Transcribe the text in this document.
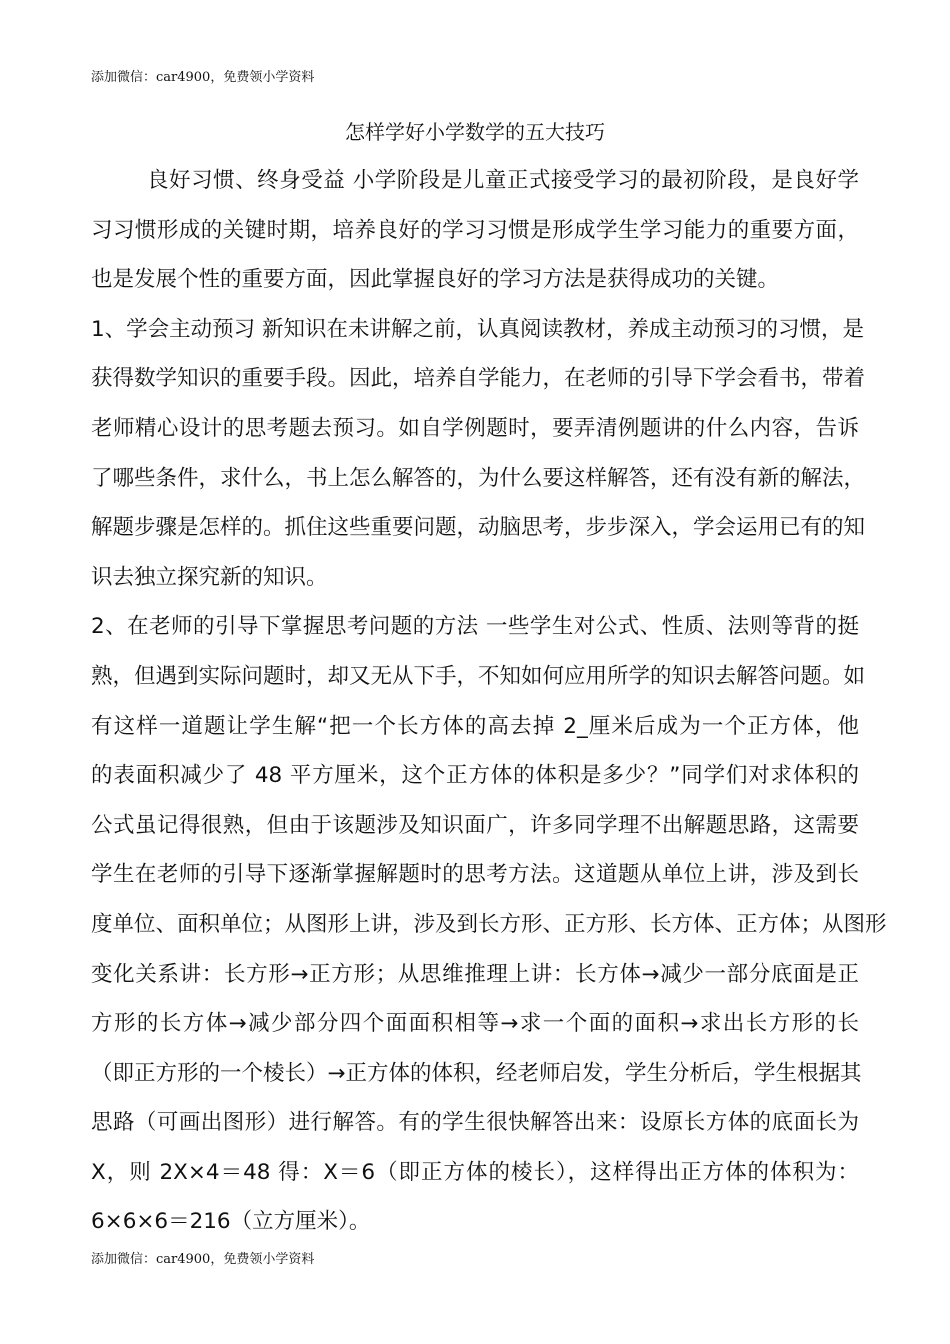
添加微信：car4900，免费领小学资料
怎样学好小学数学的五大技巧
良好习惯、终身受益 小学阶段是儿童正式接受学习的最初阶段，是良好学
习习惯形成的关键时期，培养良好的学习习惯是形成学生学习能力的重要方面，
也是发展个性的重要方面，因此掌握良好的学习方法是获得成功的关键。
1、学会主动预习 新知识在未讲解之前，认真阅读教材，养成主动预习的习惯，是
获得数学知识的重要手段。因此，培养自学能力，在老师的引导下学会看书，带着
老师精心设计的思考题去预习。如自学例题时，要弄清例题讲的什么内容，告诉
了哪些条件，求什么，书上怎么解答的，为什么要这样解答，还有没有新的解法，
解题步骤是怎样的。抓住这些重要问题，动脑思考，步步深入，学会运用已有的知
识去独立探究新的知识。
2、在老师的引导下掌握思考问题的方法 一些学生对公式、性质、法则等背的挺
熟，但遇到实际问题时，却又无从下手，不知如何应用所学的知识去解答问题。如
有这样一道题让学生解“把一个长方体的高去掉 2_厘米后成为一个正方体，他
的表面积减少了 48 平方厘米，这个正方体的体积是多少？”同学们对求体积的
公式虽记得很熟，但由于该题涉及知识面广，许多同学理不出解题思路，这需要
学生在老师的引导下逐渐掌握解题时的思考方法。这道题从单位上讲，涉及到长
度单位、面积单位；从图形上讲，涉及到长方形、正方形、长方体、正方体；从图形
变化关系讲：长方形→正方形；从思维推理上讲：长方体→减少一部分底面是正
方形的长方体→减少部分四个面面积相等→求一个面的面积→求出长方形的长
（即正方形的一个棱长）→正方体的体积，经老师启发，学生分析后，学生根据其
思路（可画出图形）进行解答。有的学生很快解答出来：设原长方体的底面长为
X，则 2X×4＝48 得：X＝6（即正方体的棱长），这样得出正方体的体积为：
6×6×6＝216（立方厘米）。
添加微信：car4900，免费领小学资料
